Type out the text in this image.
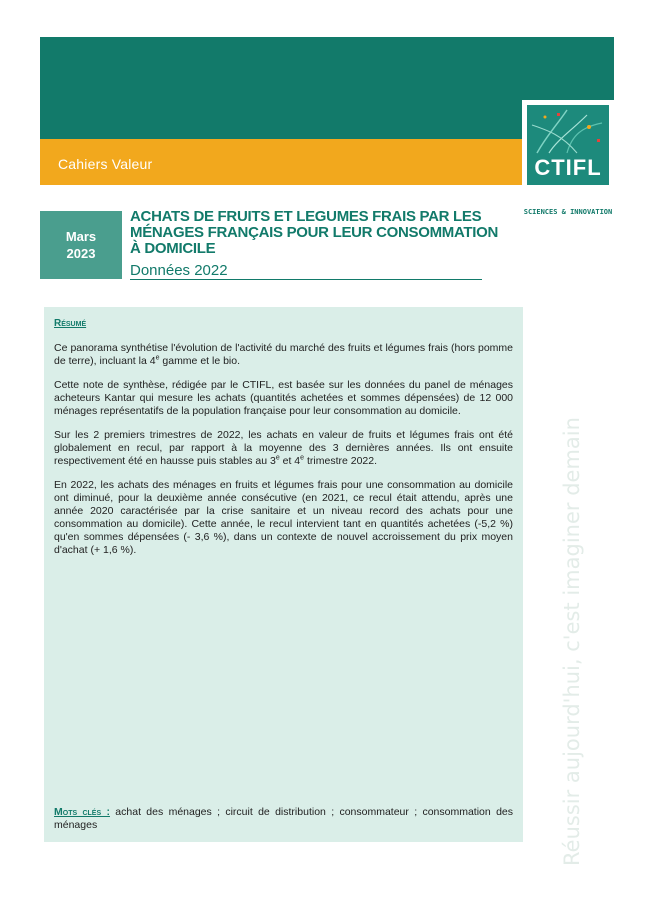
Cahiers Valeur	CTIFL
SCIENCES & INNOVATION
Mars
2023
ACHATS DE FRUITS ET LEGUMES FRAIS PAR LES MÉNAGES FRANÇAIS POUR LEUR CONSOMMATION À DOMICILE
Données 2022
Réussir aujourd'hui, c'est imaginer demain
Résumé

Ce panorama synthétise l'évolution de l'activité du marché des fruits et légumes frais (hors pomme de terre), incluant la 4e gamme et le bio.

Cette note de synthèse, rédigée par le CTIFL, est basée sur les données du panel de ménages acheteurs Kantar qui mesure les achats (quantités achetées et sommes dépensées) de 12 000 ménages représentatifs de la population française pour leur consommation au domicile.

Sur les 2 premiers trimestres de 2022, les achats en valeur de fruits et légumes frais ont été globalement en recul, par rapport à la moyenne des 3 dernières années. Ils ont ensuite respectivement été en hausse puis stables au 3e et 4e trimestre 2022.

En 2022, les achats des ménages en fruits et légumes frais pour une consommation au domicile ont diminué, pour la deuxième année consécutive (en 2021, ce recul était attendu, après une année 2020 caractérisée par la crise sanitaire et un niveau record des achats pour une consommation au domicile). Cette année, le recul intervient tant en quantités achetées (-5,2 %) qu'en sommes dépensées (- 3,6 %), dans un contexte de nouvel accroissement du prix moyen d'achat (+ 1,6 %).

Mots clés : achat des ménages ; circuit de distribution ; consommateur ; consommation des ménages
